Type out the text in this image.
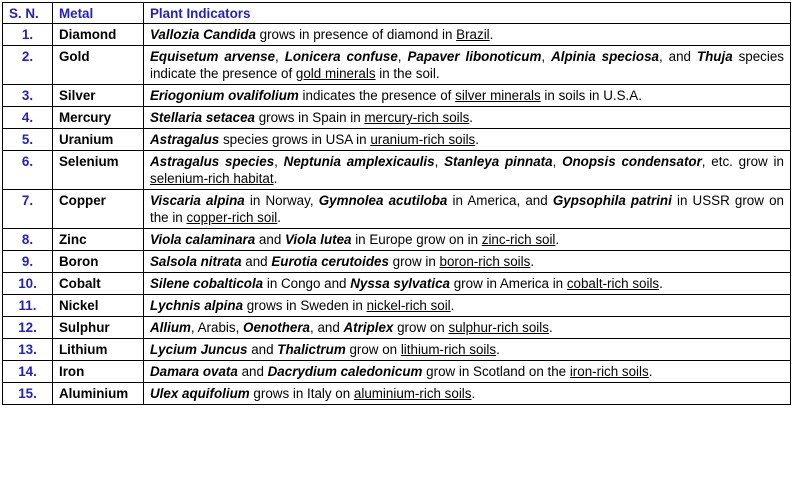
S. N.	Metal	Plant Indicators
1.	Diamond	Vallozia Candida grows in presence of diamond in Brazil.
2.	Gold	Equisetum arvense, Lonicera confuse, Papaver libonoticum, Alpinia speciosa, and Thuja species indicate the presence of gold minerals in the soil.
3.	Silver	Eriogonium ovalifolium indicates the presence of silver minerals in soils in U.S.A.
4.	Mercury	Stellaria setacea grows in Spain in mercury-rich soils.
5.	Uranium	Astragalus species grows in USA in uranium-rich soils.
6.	Selenium	Astragalus species, Neptunia amplexicaulis, Stanleya pinnata, Onopsis condensator, etc. grow in selenium-rich habitat.
7.	Copper	Viscaria alpina in Norway, Gymnolea acutiloba in America, and Gypsophila patrini in USSR grow on the in copper-rich soil.
8.	Zinc	Viola calaminara and Viola lutea in Europe grow on in zinc-rich soil.
9.	Boron	Salsola nitrata and Eurotia cerutoides grow in boron-rich soils.
10.	Cobalt	Silene cobalticola in Congo and Nyssa sylvatica grow in America in cobalt-rich soils.
11.	Nickel	Lychnis alpina grows in Sweden in nickel-rich soil.
12.	Sulphur	Allium, Arabis, Oenothera, and Atriplex grow on sulphur-rich soils.
13.	Lithium	Lycium Juncus and Thalictrum grow on lithium-rich soils.
14.	Iron	Damara ovata and Dacrydium caledonicum grow in Scotland on the iron-rich soils.
15.	Aluminium	Ulex aquifolium grows in Italy on aluminium-rich soils.
